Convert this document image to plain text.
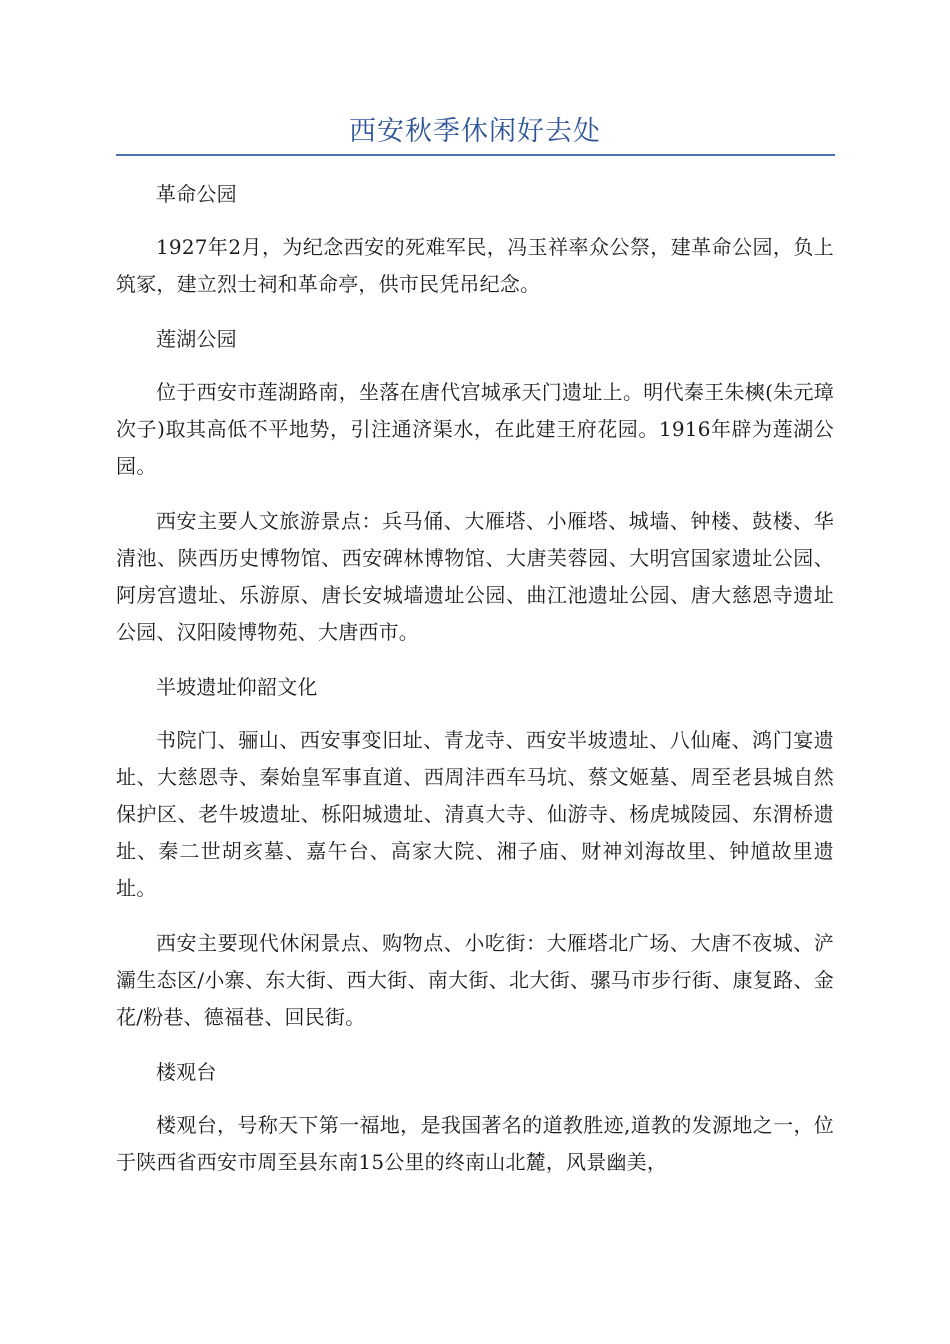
西安秋季休闲好去处

革命公园

1927年2月，为纪念西安的死难军民，冯玉祥率众公祭，建革命公园，负上筑冢，建立烈士祠和革命亭，供市民凭吊纪念。

莲湖公园

位于西安市莲湖路南，坐落在唐代宫城承天门遗址上。明代秦王朱樉(朱元璋次子)取其高低不平地势，引注通济渠水，在此建王府花园。1916年辟为莲湖公园。

西安主要人文旅游景点：兵马俑、大雁塔、小雁塔、城墙、钟楼、鼓楼、华清池、陕西历史博物馆、西安碑林博物馆、大唐芙蓉园、大明宫国家遗址公园、阿房宫遗址、乐游原、唐长安城墙遗址公园、曲江池遗址公园、唐大慈恩寺遗址公园、汉阳陵博物苑、大唐西市。

半坡遗址仰韶文化

书院门、骊山、西安事变旧址、青龙寺、西安半坡遗址、八仙庵、鸿门宴遗址、大慈恩寺、秦始皇军事直道、西周沣西车马坑、蔡文姬墓、周至老县城自然保护区、老牛坡遗址、栎阳城遗址、清真大寺、仙游寺、杨虎城陵园、东渭桥遗址、秦二世胡亥墓、嘉午台、高家大院、湘子庙、财神刘海故里、钟馗故里遗址。

西安主要现代休闲景点、购物点、小吃街：大雁塔北广场、大唐不夜城、浐灞生态区/小寨、东大街、西大街、南大街、北大街、骡马市步行街、康复路、金花/粉巷、德福巷、回民街。

楼观台

楼观台，号称天下第一福地，是我国著名的道教胜迹,道教的发源地之一，位于陕西省西安市周至县东南15公里的终南山北麓，风景幽美，
